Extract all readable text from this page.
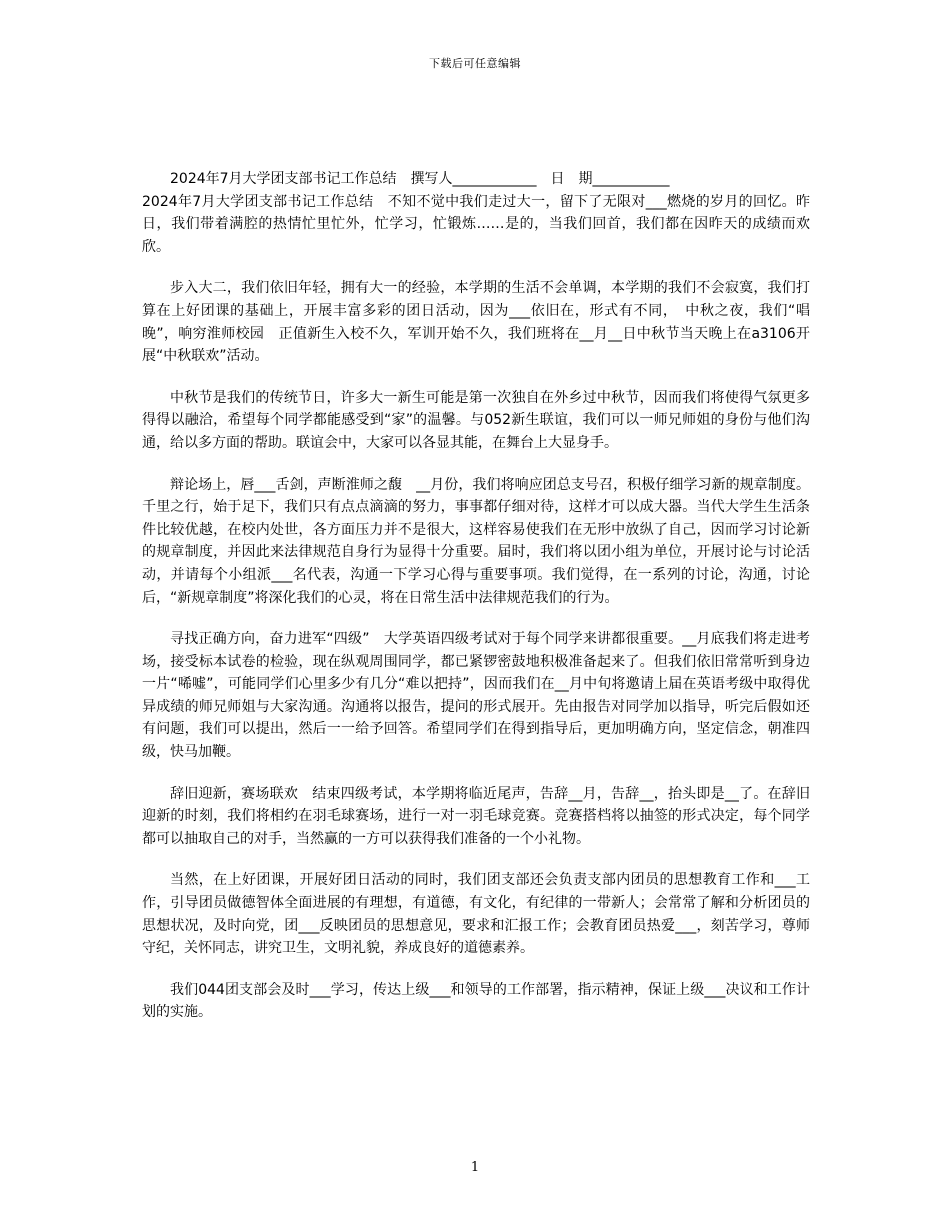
下载后可任意编辑

2024年7月大学团支部书记工作总结　撰写人____________　日　期___________
2024年7月大学团支部书记工作总结　不知不觉中我们走过大一，留下了无限对___燃烧的岁月的回忆。昨日，我们带着满腔的热情忙里忙外，忙学习，忙锻炼……是的，当我们回首，我们都在因昨天的成绩而欢欣。

步入大二，我们依旧年轻，拥有大一的经验，本学期的生活不会单调，本学期的我们不会寂寞，我们打算在上好团课的基础上，开展丰富多彩的团日活动，因为___依旧在，形式有不同，　中秋之夜，我们“唱晚”，响穷淮师校园　正值新生入校不久，军训开始不久，我们班将在__月__日中秋节当天晚上在a3106开展“中秋联欢”活动。

中秋节是我们的传统节日，许多大一新生可能是第一次独自在外乡过中秋节，因而我们将使得气氛更多得得以融洽，希望每个同学都能感受到“家”的温馨。与052新生联谊，我们可以一师兄师姐的身份与他们沟通，给以多方面的帮助。联谊会中，大家可以各显其能，在舞台上大显身手。

辩论场上，唇___舌剑，声断淮师之馥　__月份，我们将响应团总支号召，积极仔细学习新的规章制度。千里之行，始于足下，我们只有点点滴滴的努力，事事都仔细对待，这样才可以成大器。当代大学生生活条件比较优越，在校内处世，各方面压力并不是很大，这样容易使我们在无形中放纵了自己，因而学习讨论新的规章制度，并因此来法律规范自身行为显得十分重要。届时，我们将以团小组为单位，开展讨论与讨论活动，并请每个小组派___名代表，沟通一下学习心得与重要事项。我们觉得，在一系列的讨论，沟通，讨论后，“新规章制度”将深化我们的心灵，将在日常生活中法律规范我们的行为。

寻找正确方向，奋力进军“四级”　大学英语四级考试对于每个同学来讲都很重要。__月底我们将走进考场，接受标本试卷的检验，现在纵观周围同学，都已紧锣密鼓地积极准备起来了。但我们依旧常常听到身边一片“唏嘘”，可能同学们心里多少有几分“难以把持”，因而我们在__月中旬将邀请上届在英语考级中取得优异成绩的师兄师姐与大家沟通。沟通将以报告，提问的形式展开。先由报告对同学加以指导，听完后假如还有问题，我们可以提出，然后一一给予回答。希望同学们在得到指导后，更加明确方向，坚定信念，朝准四级，快马加鞭。

辞旧迎新，赛场联欢　结束四级考试，本学期将临近尾声，告辞__月，告辞__，抬头即是__了。在辞旧迎新的时刻，我们将相约在羽毛球赛场，进行一对一羽毛球竞赛。竞赛搭档将以抽签的形式决定，每个同学都可以抽取自己的对手，当然赢的一方可以获得我们准备的一个小礼物。

当然，在上好团课，开展好团日活动的同时，我们团支部还会负责支部内团员的思想教育工作和___工作，引导团员做德智体全面进展的有理想，有道德，有文化，有纪律的一带新人；会常常了解和分析团员的思想状况，及时向党，团___反映团员的思想意见，要求和汇报工作；会教育团员热爱___，刻苦学习，尊师守纪，关怀同志，讲究卫生，文明礼貌，养成良好的道德素养。

我们044团支部会及时___学习，传达上级___和领导的工作部署，指示精神，保证上级___决议和工作计划的实施。

1
